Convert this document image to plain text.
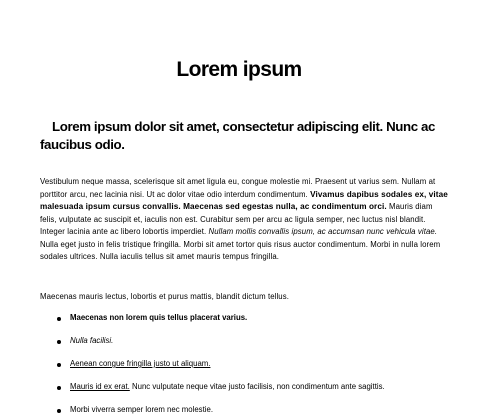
Lorem ipsum
Lorem ipsum dolor sit amet, consectetur adipiscing elit. Nunc ac faucibus odio.

Vestibulum neque massa, scelerisque sit amet ligula eu, congue molestie mi. Praesent ut varius sem. Nullam at porttitor arcu, nec lacinia nisi. Ut ac dolor vitae odio interdum condimentum. Vivamus dapibus sodales ex, vitae malesuada ipsum cursus convallis. Maecenas sed egestas nulla, ac condimentum orci. Mauris diam felis, vulputate ac suscipit et, iaculis non est. Curabitur sem per arcu ac ligula semper, nec luctus nisl blandit. Integer lacinia ante ac libero lobortis imperdiet. Nullam mollis convallis ipsum, ac accumsan nunc vehicula vitae. Nulla eget justo in felis tristique fringilla. Morbi sit amet tortor quis risus auctor condimentum. Morbi in nulla lorem sodales ultrices. Nulla iaculis tellus sit amet mauris tempus fringilla.

Maecenas mauris lectus, lobortis et purus mattis, blandit dictum tellus.

Maecenas non lorem quis tellus placerat varius.
Nulla facilisi.
Aenean congue fringilla justo ut aliquam.
Mauris id ex erat. Nunc vulputate neque vitae justo facilisis, non condimentum ante sagittis.
Morbi viverra semper lorem nec molestie.
